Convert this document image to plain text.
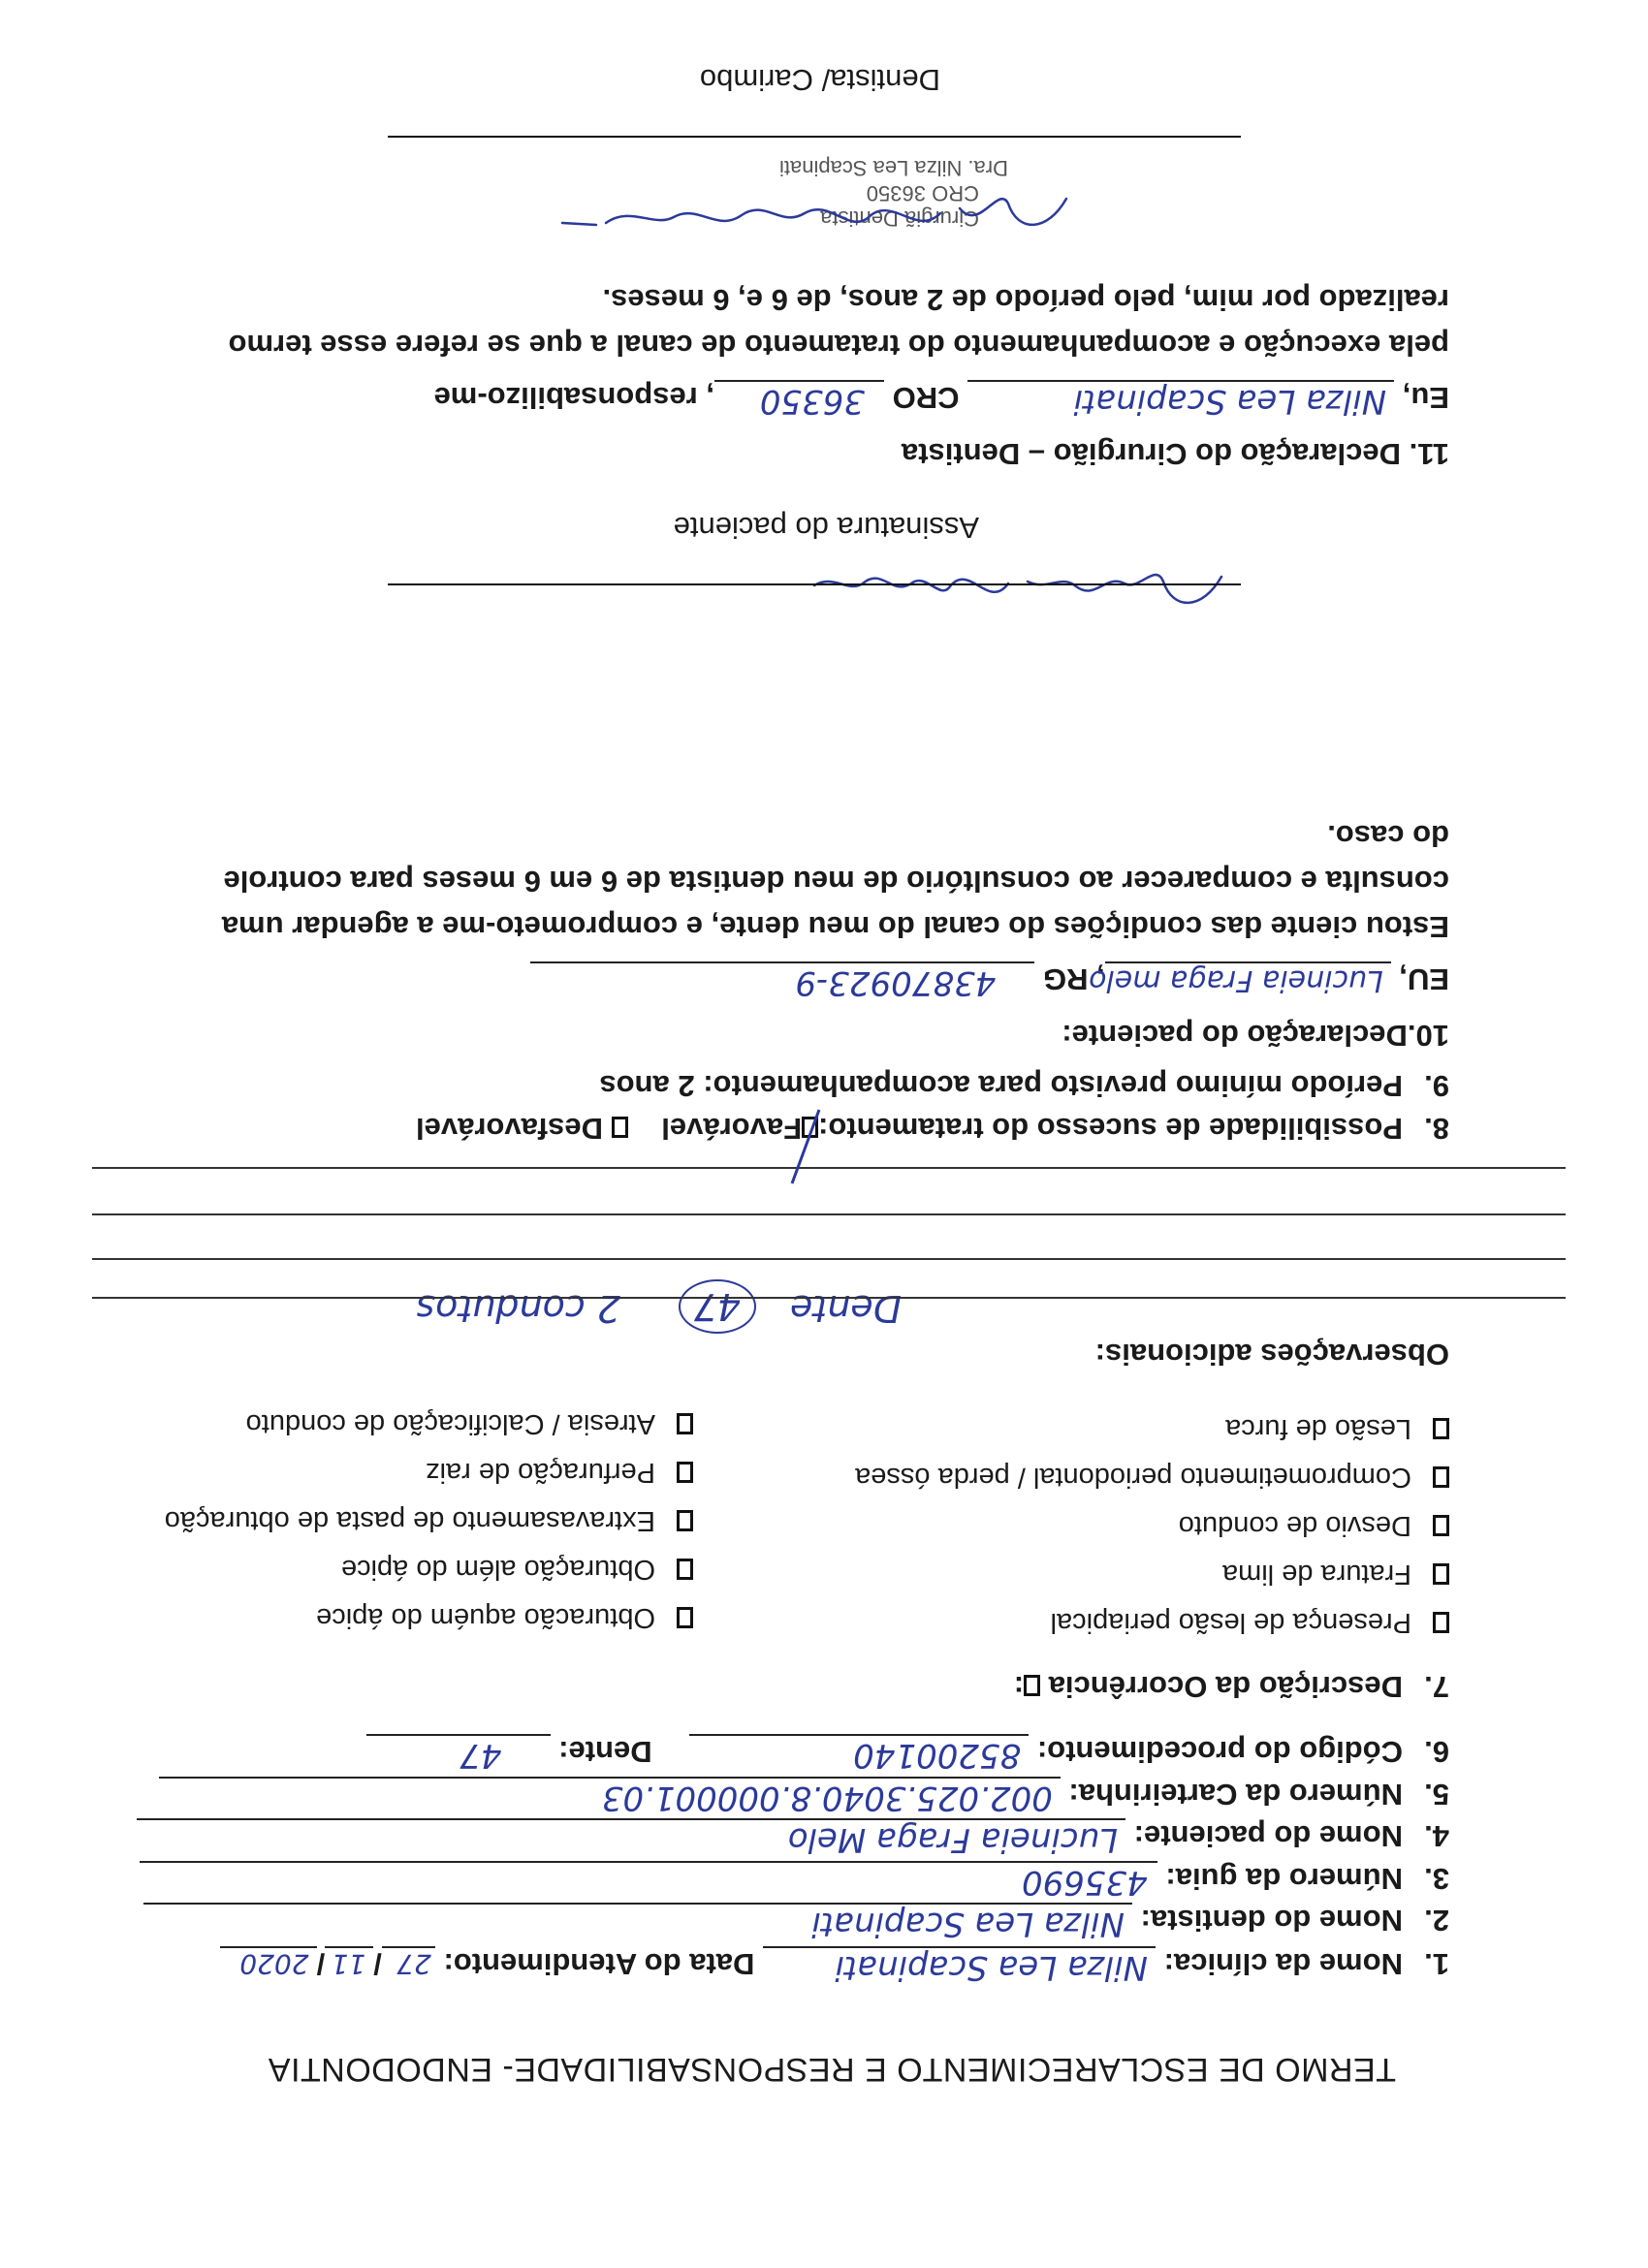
TERMO DE ESCLARECIMENTO E RESPONSABILIDADE- ENDODONTIA
1.Nome da clínica:
Nilza Lea Scapinati
Data do Atendimento:
27
/
11
/
2020
2.Nome do dentista:
Nilza Lea Scapinati
3.Número da guia:
435690
4.Nome do paciente:
Lucineia Fraga Melo
5.Número da Carteirinha:
002.025.3040.8.000001.03
6.Código do procedimento:
85200140
Dente:
47
7.Descrição da Ocorrência :
Presença de lesão periapical
Obturacão aquém do ápice
Fratura de lima
Obturação além do ápice
Desvio de conduto
Extravasamento de pasta de obturação
Comprometimento periodontal / perda óssea
Perfuração de raiz
Lesão de furca
Atresia / Calcificação de conduto
Observações adicionais:
Dente
47
2 condutos
8.Possibilidade de sucesso do tratamento:
Favorável  Desfavorável
9.Período mínimo previsto para acompanhamento: 2 anos
10.Declaração do paciente:
EU,
Lucineia Fraga melo
, RG
43870923-9
Estou ciente das condições do canal do meu dente, e comprometo-me a agendar uma consulta e comparecer ao consultório de meu dentista de 6 em 6 meses para controle do caso.
Assinatura do paciente
11. Declaração do Cirurgião – Dentista
Eu,
Nilza Lea Scapinati
CRO
36350
, responsabilizo-me
pela execução e acompanhamento do tratamento de canal a que se refere esse termo realizado por mim, pelo período de 2 anos, de 6 e, 6 meses.
Cirurgiã Dentista
CRO 36350
Dra. Nilza Lea Scapinati
Dentista/ Carimbo
